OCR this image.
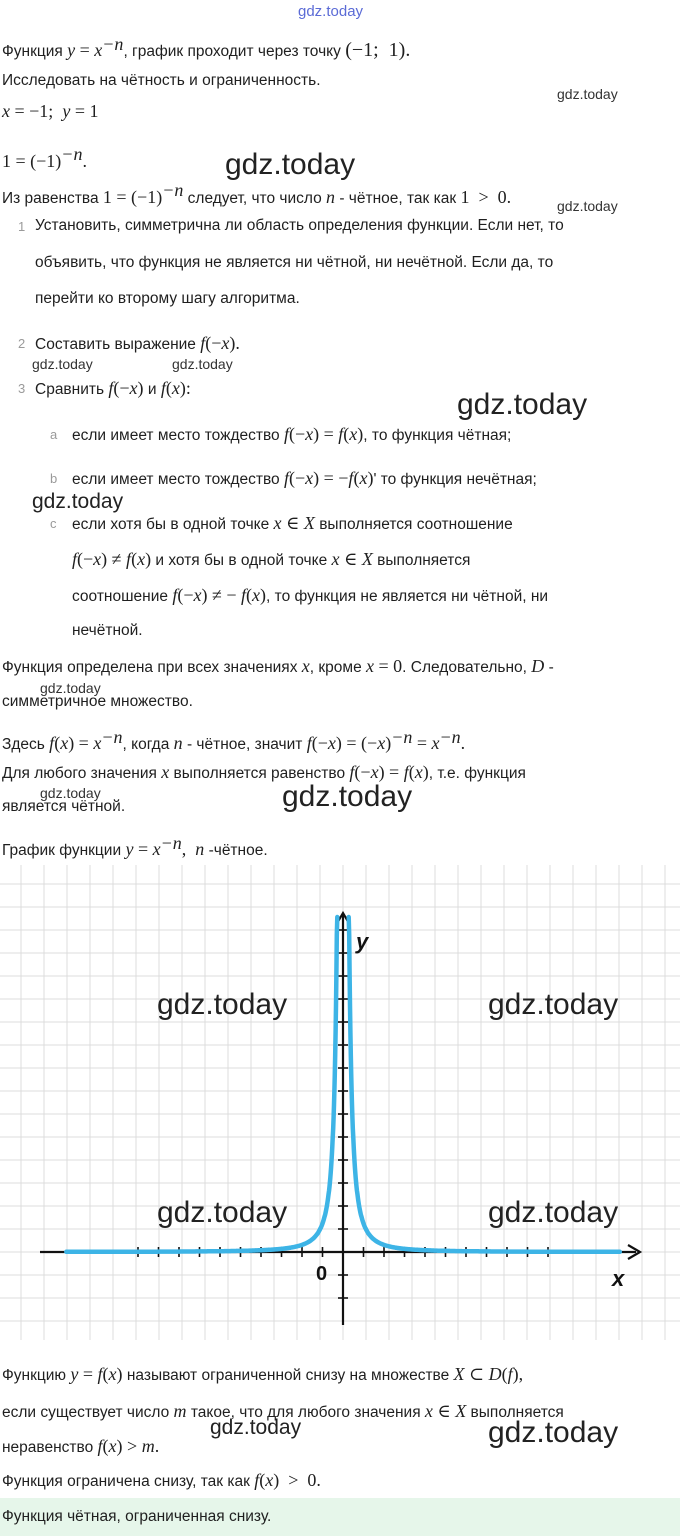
gdz.today
Функция $y = x^{-n}$, график проходит через точку (−1;  1).
Исследовать на чётность и ограниченность.
gdz.today
x = −1;  y = 1
$1 = (-1)^{-n}$.	gdz.today
Из равенства $1 = (-1)^{-n}$ следует, что число n - чётное, так как 1  >  0.	gdz.today
1 Установить, симметрична ли область определения функции. Если нет, то
объявить, что функция не является ни чётной, ни нечётной. Если да, то
перейти ко второму шагу алгоритма.
2 Составить выражение f(−x).
gdz.today	gdz.today
3 Сравнить f(−x) и f(x):	gdz.today
a если имеет место тождество f(−x) = f(x), то функция чётная;
b если имеет место тождество f(−x) = −f(x)' то функция нечётная;
gdz.today
c если хотя бы в одной точке x ∈ X выполняется соотношение
f(−x) ≠ f(x) и хотя бы в одной точке x ∈ X выполняется
соотношение f(−x) ≠ − f(x), то функция не является ни чётной, ни
нечётной.
Функция определена при всех значениях x, кроме x = 0. Следовательно, D -
gdz.today
симметричное множество.
Здесь $f(x) = x^{-n}$, когда n - чётное, значит $f(-x) = (-x)^{-n} = x^{-n}$.
Для любого значения x выполняется равенство f(−x) = f(x), т.е. функция
gdz.today
является чётной.	gdz.today
График функции $y = x^{-n}$,  n -чётное.
x
y
0
gdz.today	gdz.today
gdz.today	gdz.today
Функцию y = f(x) называют ограниченной снизу на множестве X ⊂ D(f),
если существует число m такое, что для любого значения x ∈ X выполняется
неравенство f(x) > m.
gdz.today	gdz.today
Функция ограничена снизу, так как f(x)  >  0.
Функция чётная, ограниченная снизу.
